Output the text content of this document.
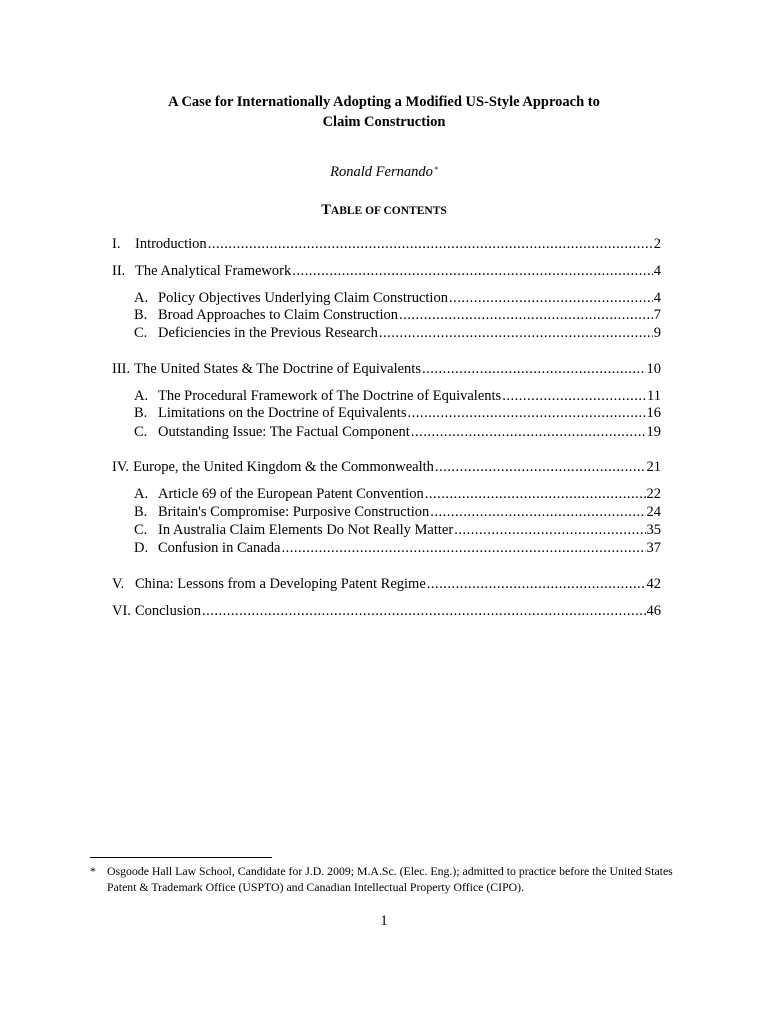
A Case for Internationally Adopting a Modified US-Style Approach to
Claim Construction
Ronald Fernando*
TABLE OF CONTENTS
I.	Introduction .....	2
II. The Analytical Framework .....	4
A. Policy Objectives Underlying Claim Construction .....	4
B. Broad Approaches to Claim Construction .....	7
C. Deficiencies in the Previous Research .....	9
III. The United States & The Doctrine of Equivalents .....	10
A. The Procedural Framework of The Doctrine of Equivalents .....	11
B. Limitations on the Doctrine of Equivalents .....	16
C. Outstanding Issue: The Factual Component .....	19
IV. Europe, the United Kingdom & the Commonwealth .....	21
A. Article 69 of the European Patent Convention .....	22
B. Britain's Compromise: Purposive Construction .....	24
C. In Australia Claim Elements Do Not Really Matter .....	35
D. Confusion in Canada .....	37
V. China: Lessons from a Developing Patent Regime .....	42
VI. Conclusion .....	46
* Osgoode Hall Law School, Candidate for J.D. 2009; M.A.Sc. (Elec. Eng.); admitted to practice before the United States Patent & Trademark Office (USPTO) and Canadian Intellectual Property Office (CIPO).
1
